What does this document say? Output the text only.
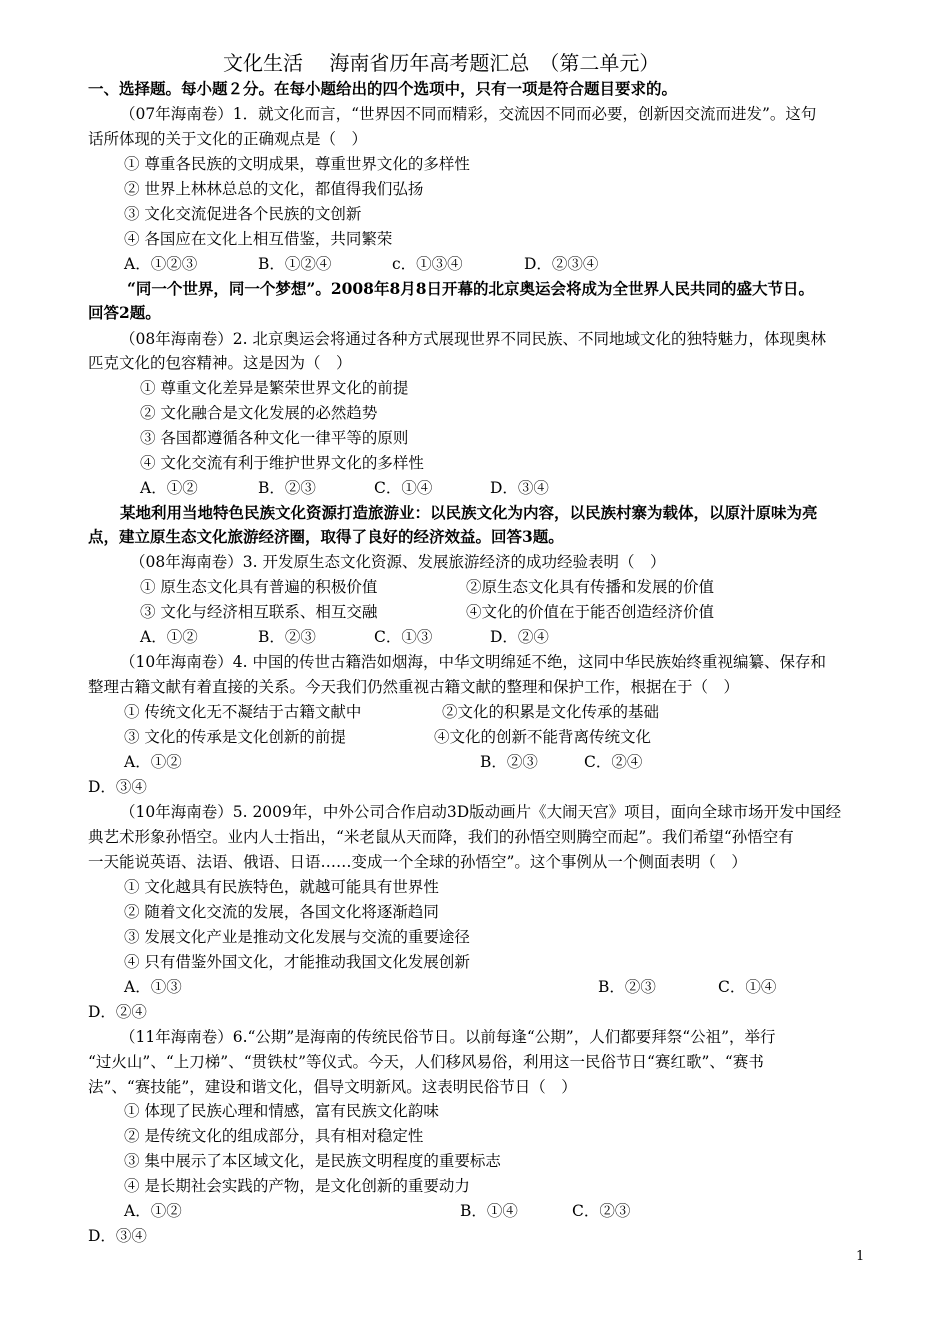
文化生活　 海南省历年高考题汇总　（第二单元）
一、选择题。每小题２分。在每小题给出的四个选项中，只有一项是符合题目要求的。
（07年海南卷）1．就文化而言，“世界因不同而精彩，交流因不同而必要，创新因交流而进发”。这句
话所体现的关于文化的正确观点是（　）
① 尊重各民族的文明成果，尊重世界文化的多样性
② 世界上林林总总的文化，都值得我们弘扬
③ 文化交流促进各个民族的文创新
④ 各国应在文化上相互借鉴，共同繁荣
A．①②③	B．①②④	c．①③④	D．②③④
“同一个世界，同一个梦想”。2008年8月8日开幕的北京奥运会将成为全世界人民共同的盛大节日。
回答2题。
（08年海南卷）2. 北京奥运会将通过各种方式展现世界不同民族、不同地域文化的独特魅力，体现奥林
匹克文化的包容精神。这是因为（　）
① 尊重文化差异是繁荣世界文化的前提
② 文化融合是文化发展的必然趋势
③ 各国都遵循各种文化一律平等的原则
④ 文化交流有利于维护世界文化的多样性
A．①②	B．②③	C．①④	D．③④
某地利用当地特色民族文化资源打造旅游业：以民族文化为内容，以民族村寨为载体，以原汁原味为亮
点，建立原生态文化旅游经济圈，取得了良好的经济效益。回答3题。
（08年海南卷）3. 开发原生态文化资源、发展旅游经济的成功经验表明（　）
① 原生态文化具有普遍的积极价值	②原生态文化具有传播和发展的价值
③ 文化与经济相互联系、相互交融	④文化的价值在于能否创造经济价值
A．①②	B．②③	C．①③	D．②④
（10年海南卷）4. 中国的传世古籍浩如烟海，中华文明绵延不绝，这同中华民族始终重视编纂、保存和
整理古籍文献有着直接的关系。今天我们仍然重视古籍文献的整理和保护工作，根据在于（　）
① 传统文化无不凝结于古籍文献中	②文化的积累是文化传承的基础
③ 文化的传承是文化创新的前提	④文化的创新不能背离传统文化
A．①②	B．②③	C．②④
D．③④
（10年海南卷）5. 2009年，中外公司合作启动3D版动画片《大闹天宫》项目，面向全球市场开发中国经
典艺术形象孙悟空。业内人士指出，“米老鼠从天而降，我们的孙悟空则腾空而起”。我们希望“孙悟空有
一天能说英语、法语、俄语、日语……变成一个全球的孙悟空”。这个事例从一个侧面表明（　）
① 文化越具有民族特色，就越可能具有世界性
② 随着文化交流的发展，各国文化将逐渐趋同
③ 发展文化产业是推动文化发展与交流的重要途径
④ 只有借鉴外国文化，才能推动我国文化发展创新
A．①③	B．②③	C．①④
D．②④
（11年海南卷）6.“公期”是海南的传统民俗节日。以前每逢“公期”，人们都要拜祭“公祖”，举行
“过火山”、“上刀梯”、“贯铁杖”等仪式。今天，人们移风易俗，利用这一民俗节日“赛红歌”、“赛书
法”、“赛技能”，建设和谐文化，倡导文明新风。这表明民俗节日（　）
① 体现了民族心理和情感，富有民族文化韵味
② 是传统文化的组成部分，具有相对稳定性
③ 集中展示了本区域文化，是民族文明程度的重要标志
④ 是长期社会实践的产物，是文化创新的重要动力
A．①②	B．①④	C．②③
D．③④
1
